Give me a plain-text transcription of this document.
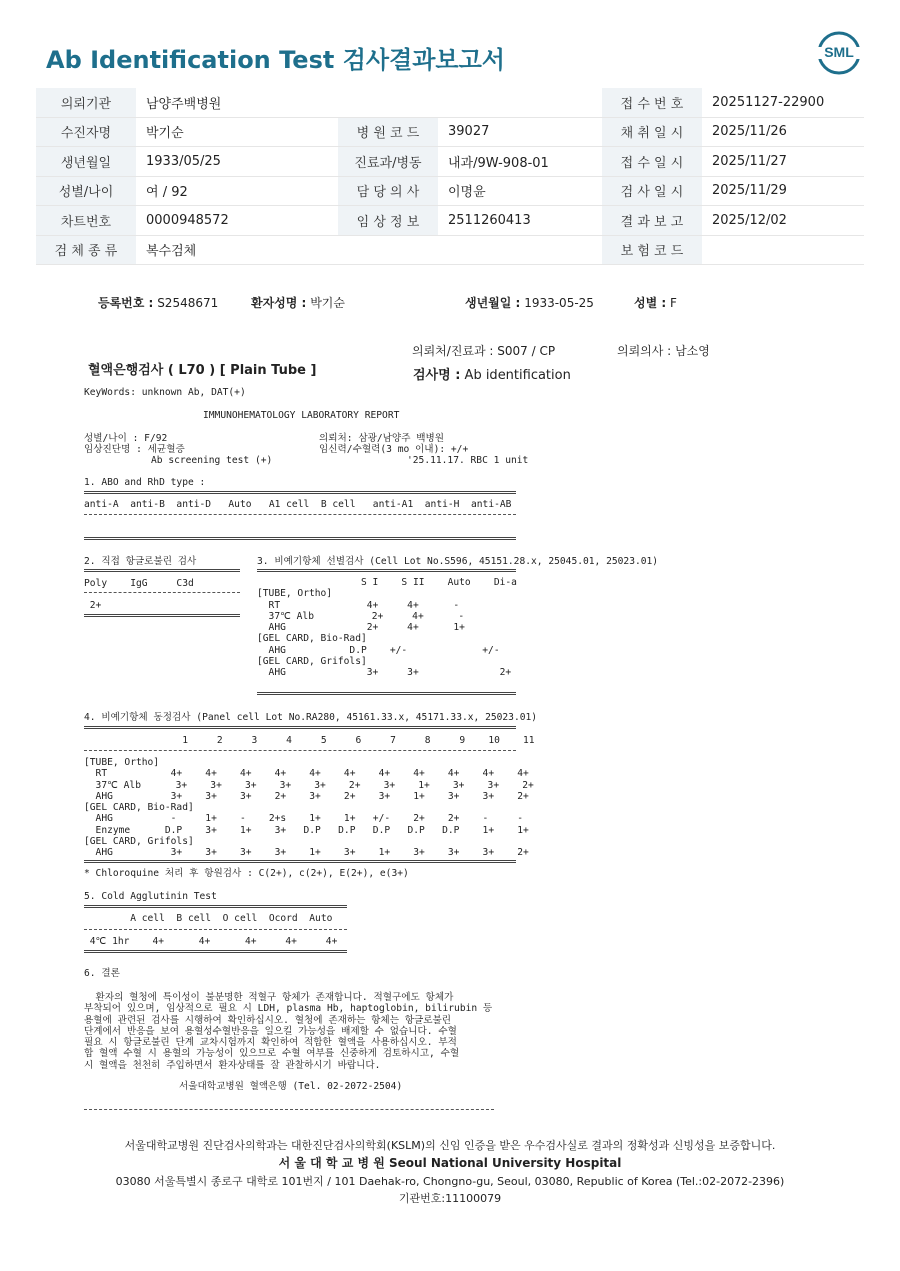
Ab Identification Test 검사결과보고서	SML
의뢰기관	남양주백병원			접 수 번 호	20251127-22900
수진자명	박기순	병 원 코 드	39027	채 취 일 시	2025/11/26
생년월일	1933/05/25	진료과/병동	내과/9W-908-01	접 수 일 시	2025/11/27
성별/나이	여 / 92	담 당 의 사	이명윤	검 사 일 시	2025/11/29
차트번호	0000948572	임 상 정 보	2511260413	결 과 보 고	2025/12/02
검 체 종 류	복수검체			보 험 코 드	
등록번호 : S2548671	환자성명 : 박기순	생년월일 : 1933-05-25	성별 : F
의뢰처/진료과 : S007 / CP	의뢰의사 : 남소영
혈액은행검사 ( L70 ) [ Plain Tube ]	검사명 : Ab identification
KeyWords: unknown Ab, DAT(+)
IMMUNOHEMATOLOGY LABORATORY REPORT
성별/나이 : F/92
임상진단명 : 세균혈증
Ab screening test (+)
의뢰처: 삼광/남양주 백병원
임신력/수혈력(3 mo 이내): +/+
'25.11.17. RBC 1 unit
1. ABO and RhD type :
anti-A  anti-B  anti-D   Auto   A1 cell  B cell   anti-A1  anti-H  anti-AB
2. 직접 항글로불린 검사
Poly    IgG     C3d
2+
3. 비예기항체 선별검사 (Cell Lot No.S596, 45151.28.x, 25045.01, 25023.01)
S I    S II    Auto    Di-a
[TUBE, Ortho]
RT               4+     4+      -
37℃ Alb          2+     4+      -
AHG              2+     4+      1+
[GEL CARD, Bio-Rad]
AHG           D.P    +/-             +/-
[GEL CARD, Grifols]
AHG              3+     3+              2+
4. 비예기항체 동정검사 (Panel cell Lot No.RA280, 45161.33.x, 45171.33.x, 25023.01)
1     2     3     4     5     6     7     8     9    10    11
[TUBE, Ortho]
RT           4+    4+    4+    4+    4+    4+    4+    4+    4+    4+    4+
37℃ Alb      3+    3+    3+    3+    3+    2+    3+    1+    3+    3+    2+
AHG          3+    3+    3+    2+    3+    2+    3+    1+    3+    3+    2+
[GEL CARD, Bio-Rad]
AHG          -     1+    -    2+s    1+    1+   +/-    2+    2+    -     -
Enzyme      D.P    3+    1+    3+   D.P   D.P   D.P   D.P   D.P    1+    1+
[GEL CARD, Grifols]
AHG          3+    3+    3+    3+    1+    3+    1+    3+    3+    3+    2+
* Chloroquine 처리 후 항원검사 : C(2+), c(2+), E(2+), e(3+)
5. Cold Agglutinin Test
A cell  B cell  O cell  Ocord  Auto
4℃ 1hr    4+      4+      4+     4+     4+
6. 결론
환자의 혈청에 특이성이 불분명한 적혈구 항체가 존재합니다. 적혈구에도 항체가
부착되어 있으며, 임상적으로 필요 시 LDH, plasma Hb, haptoglobin, bilirubin 등
용혈에 관련된 검사를 시행하여 확인하십시오. 혈청에 존재하는 항체는 항글로불린
단계에서 반응을 보여 용혈성수혈반응을 일으킬 가능성을 배제할 수 없습니다. 수혈
필요 시 항글로불린 단계 교차시험까지 확인하여 적합한 혈액을 사용하십시오. 부적
합 혈액 수혈 시 용혈의 가능성이 있으므로 수혈 여부를 신중하게 검토하시고, 수혈
시 혈액을 천천히 주입하면서 환자상태를 잘 관찰하시기 바랍니다.
서울대학교병원 혈액은행 (Tel. 02-2072-2504)
서울대학교병원 진단검사의학과는 대한진단검사의학회(KSLM)의 신임 인증을 받은 우수검사실로 결과의 정확성과 신빙성을 보증합니다.
서 울 대 학 교 병 원 Seoul National University Hospital
03080 서울특별시 종로구 대학로 101번지 / 101 Daehak-ro, Chongno-gu, Seoul, 03080, Republic of Korea (Tel.:02-2072-2396)
기관번호:11100079
